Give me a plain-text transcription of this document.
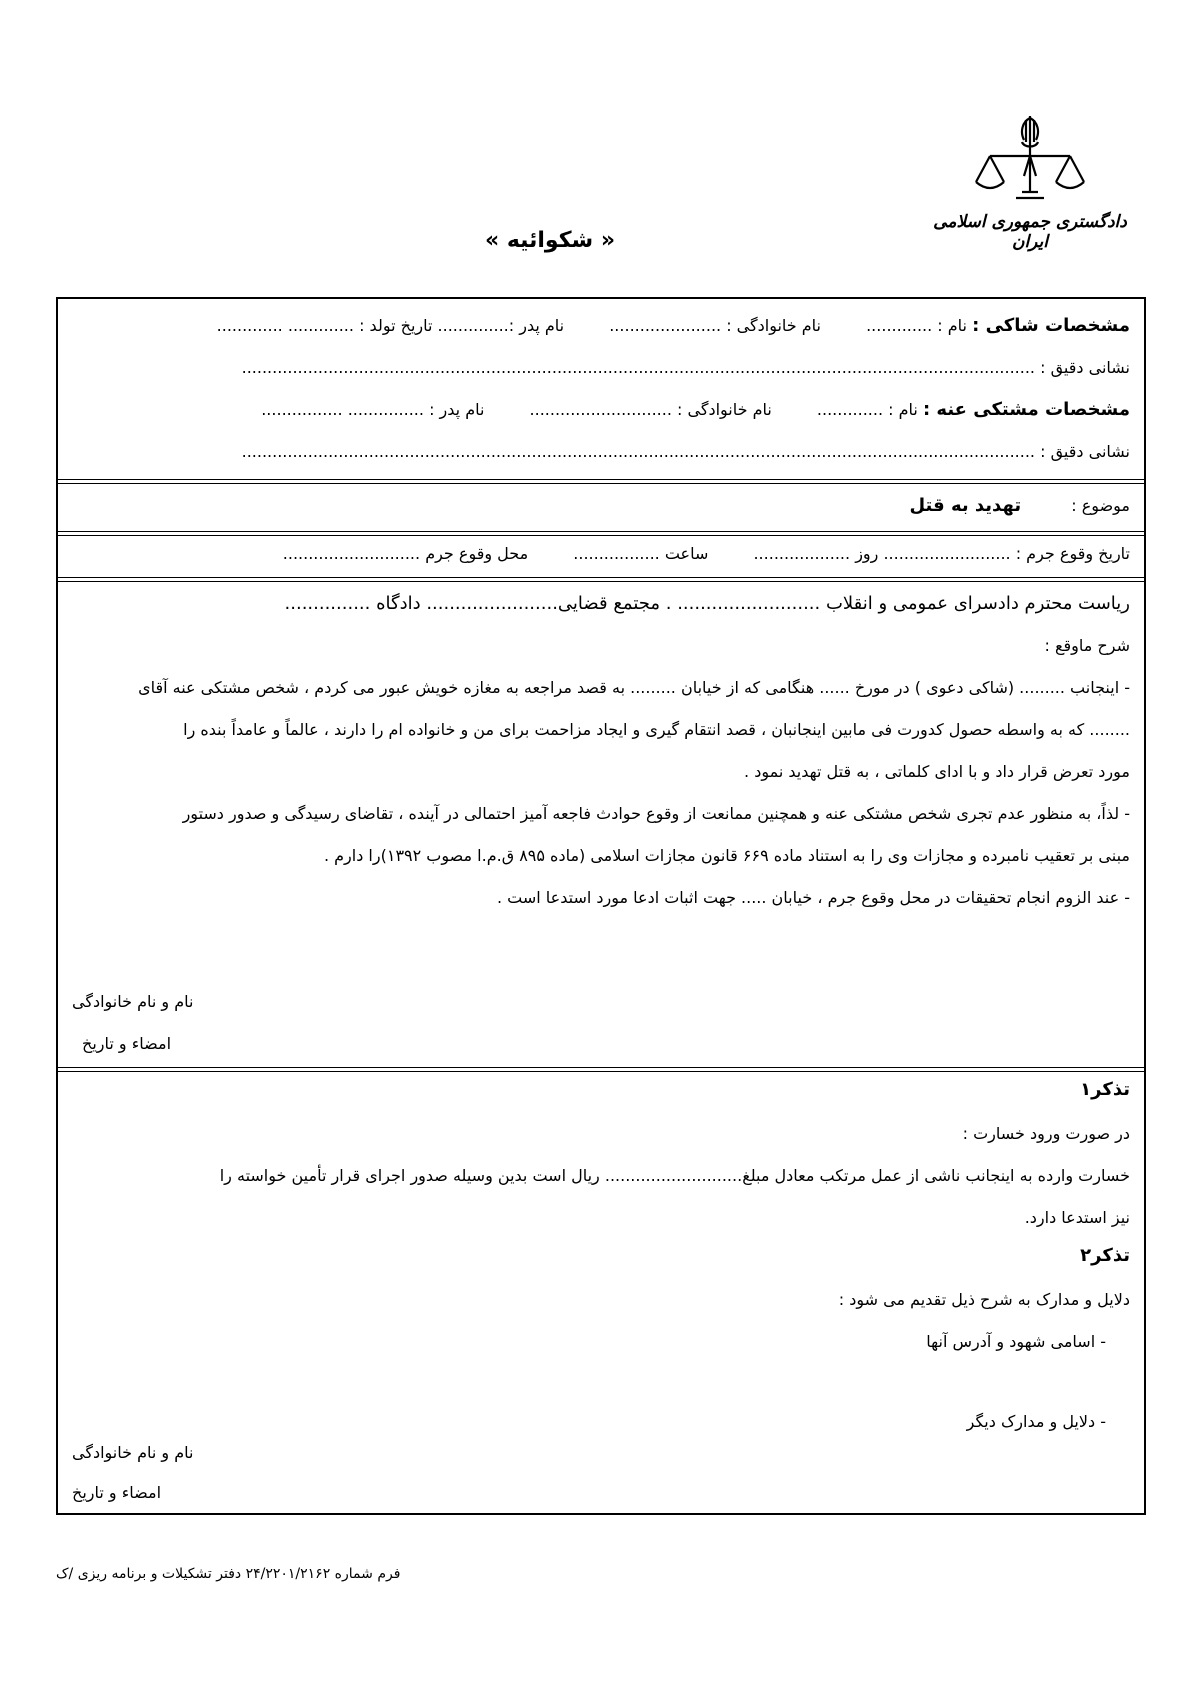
دادگستری جمهوری اسلامی ایران
« شکوائیه »
مشخصات شاکی : نام : ............. نام خانوادگی : ...................... نام پدر :.............. تاریخ تولد : ............. .............
نشانی دقیق : ............................................................................................................................................................
مشخصات مشتکی عنه : نام : ............. نام خانوادگی : ............................ نام پدر : ............... ................
نشانی دقیق : ............................................................................................................................................................
موضوع :  تهدید به قتل
تاریخ وقوع جرم : ......................... روز ................... ساعت ................. محل وقوع جرم ...........................
ریاست محترم دادسرای عمومی و انقلاب ......................... . مجتمع قضایی....................... دادگاه ...............
شرح ماوقع :
- اینجانب ......... (شاکی دعوی ) در مورخ ...... هنگامی که از خیابان ......... به قصد مراجعه به مغازه خویش عبور می کردم ، شخص مشتکی عنه آقای
........ که به واسطه حصول کدورت فی مابین اینجانبان ، قصد انتقام گیری و ایجاد مزاحمت برای من و خانواده ام را دارند ، عالماً و عامداً بنده را
مورد تعرض قرار داد و با ادای کلماتی ، به قتل تهدید نمود .
- لذاً، به منظور عدم تجری شخص مشتکی عنه و همچنین ممانعت از وقوع حوادث فاجعه آمیز احتمالی در آینده ، تقاضای رسیدگی و صدور دستور
مبنی بر تعقیب نامبرده و مجازات وی را به استناد ماده ۶۶۹ قانون مجازات اسلامی (ماده ۸۹۵ ق.م.ا مصوب ۱۳۹۲)را دارم .
- عند الزوم انجام تحقیقات در محل وقوع جرم ، خیابان ..... جهت اثبات ادعا مورد استدعا است .
نام و نام خانوادگی
امضاء و تاریخ
تذکر۱
در صورت ورود خسارت :
خسارت وارده به اینجانب ناشی از عمل مرتکب معادل مبلغ........................... ریال است بدین وسیله صدور اجرای قرار تأمین خواسته را
نیز استدعا دارد.
تذکر۲
دلایل و مدارک به شرح ذیل تقدیم می شود :
- اسامی شهود و آدرس آنها
- دلایل و مدارک دیگر
نام و نام خانوادگی
امضاء و تاریخ
فرم شماره ۲۴/۲۲۰۱/۲۱۶۲ دفتر تشکیلات و برنامه ریزی /ک
